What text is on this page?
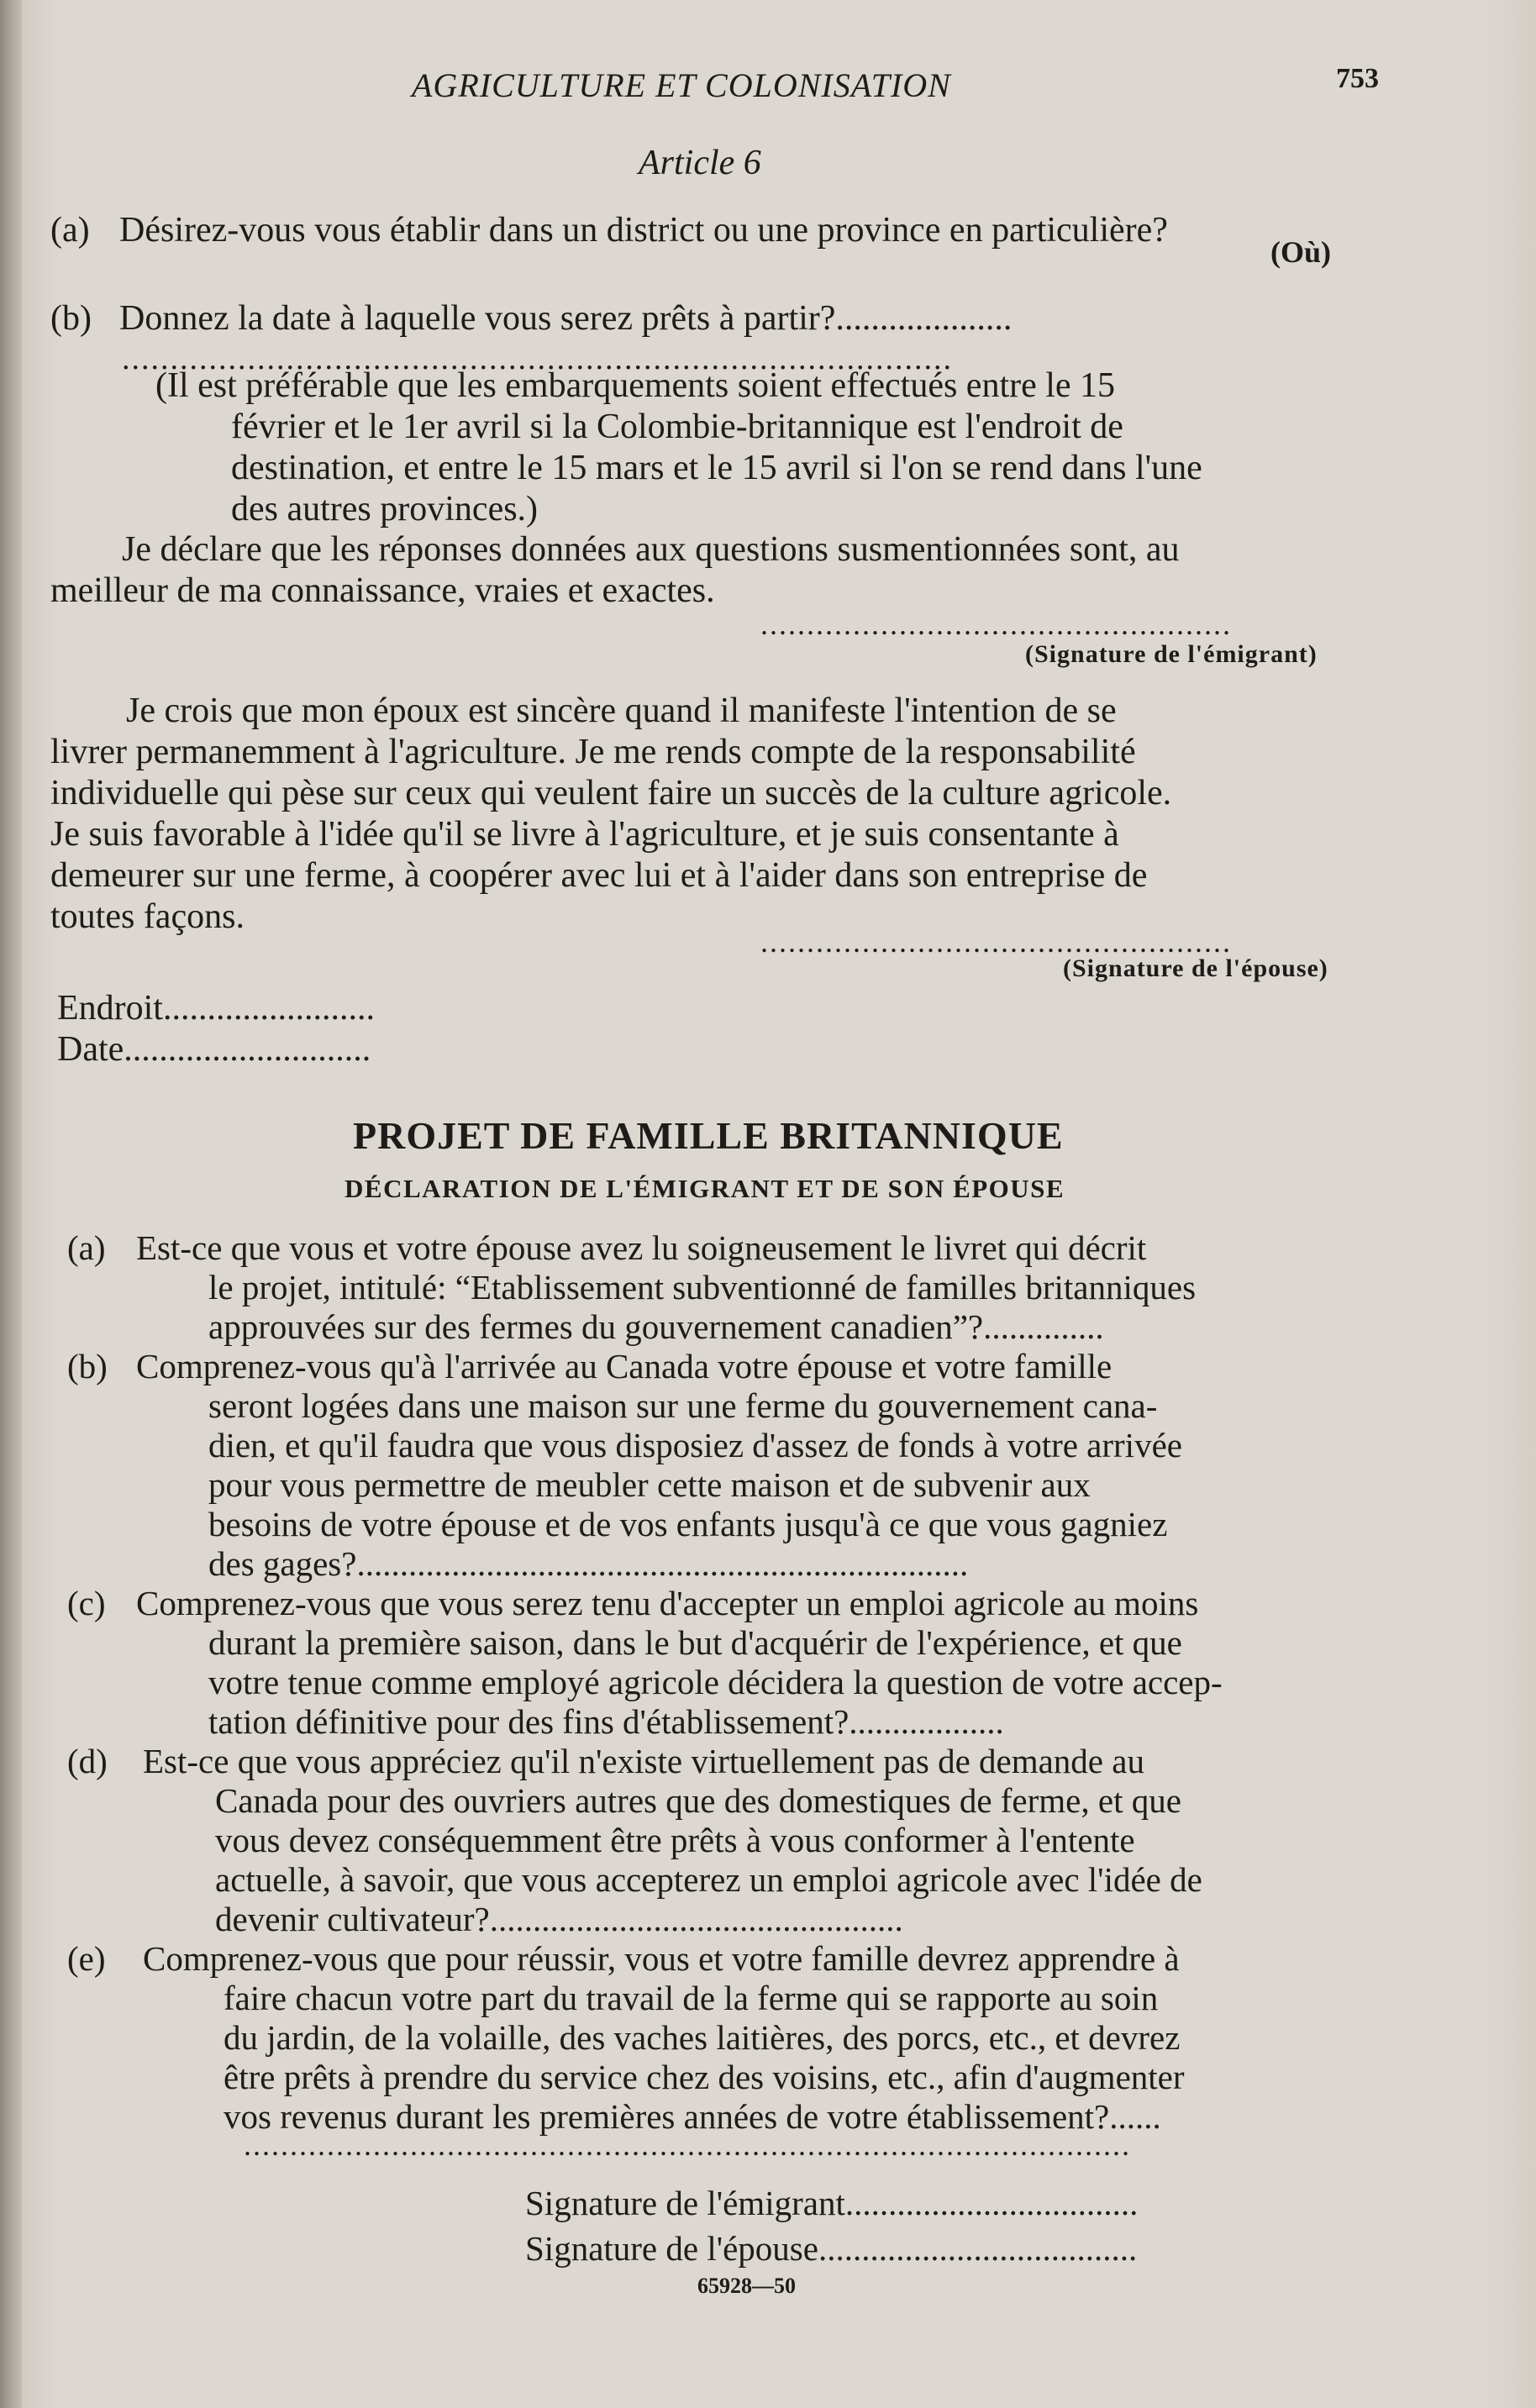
AGRICULTURE ET COLONISATION	753
Article 6
(a) Désirez-vous vous établir dans un district ou une province en particulière?
(Où)
(b) Donnez la date à laquelle vous serez prêts à partir?....................
......................................................................................

(Il est préférable que les embarquements soient effectués entre le 15

février et le 1er avril si la Colombie-britannique est l'endroit de

destination, et entre le 15 mars et le 15 avril si l'on se rend dans l'une

des autres provinces.)

Je déclare que les réponses données aux questions susmentionnées sont, au

meilleur de ma connaissance, vraies et exactes.

...................................................
(Signature de l'émigrant)

Je crois que mon époux est sincère quand il manifeste l'intention de se

livrer permanemment à l'agriculture. Je me rends compte de la responsabilité

individuelle qui pèse sur ceux qui veulent faire un succès de la culture agricole.

Je suis favorable à l'idée qu'il se livre à l'agriculture, et je suis consentante à

demeurer sur une ferme, à coopérer avec lui et à l'aider dans son entreprise de

toutes façons.

...................................................
(Signature de l'épouse)
Endroit........................
Date............................
PROJET DE FAMILLE BRITANNIQUE
DÉCLARATION DE L'ÉMIGRANT ET DE SON ÉPOUSE
(a) Est-ce que vous et votre épouse avez lu soigneusement le livret qui décrit
le projet, intitulé: “Etablissement subventionné de familles britanniques
approuvées sur des fermes du gouvernement canadien”?..............
(b) Comprenez-vous qu'à l'arrivée au Canada votre épouse et votre famille
seront logées dans une maison sur une ferme du gouvernement cana-
dien, et qu'il faudra que vous disposiez d'assez de fonds à votre arrivée
pour vous permettre de meubler cette maison et de subvenir aux
besoins de votre épouse et de vos enfants jusqu'à ce que vous gagniez
des gages?.......................................................................
(c) Comprenez-vous que vous serez tenu d'accepter un emploi agricole au moins
durant la première saison, dans le but d'acquérir de l'expérience, et que
votre tenue comme employé agricole décidera la question de votre accep-
tation définitive pour des fins d'établissement?..................
(d) Est-ce que vous appréciez qu'il n'existe virtuellement pas de demande au
Canada pour des ouvriers autres que des domestiques de ferme, et que
vous devez conséquemment être prêts à vous conformer à l'entente
actuelle, à savoir, que vous accepterez un emploi agricole avec l'idée de
devenir cultivateur?................................................
(e) Comprenez-vous que pour réussir, vous et votre famille devrez apprendre à
faire chacun votre part du travail de la ferme qui se rapporte au soin
du jardin, de la volaille, des vaches laitières, des porcs, etc., et devrez
être prêts à prendre du service chez des voisins, etc., afin d'augmenter
vos revenus durant les premières années de votre établissement?......
................................................................................................
Signature de l'émigrant..................................
Signature de l'épouse.....................................
65928—50
